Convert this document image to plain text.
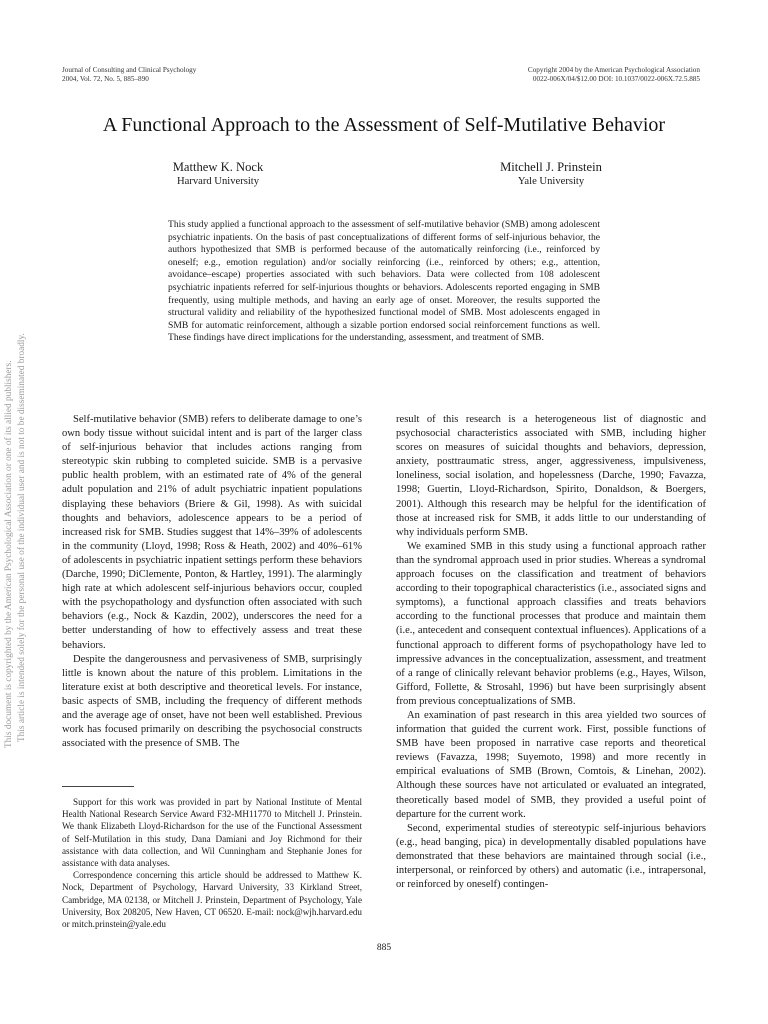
Journal of Consulting and Clinical Psychology
2004, Vol. 72, No. 5, 885–890
Copyright 2004 by the American Psychological Association
0022-006X/04/$12.00 DOI: 10.1037/0022-006X.72.5.885
A Functional Approach to the Assessment of Self-Mutilative Behavior
Matthew K. Nock
Harvard University
Mitchell J. Prinstein
Yale University
This study applied a functional approach to the assessment of self-mutilative behavior (SMB) among adolescent psychiatric inpatients. On the basis of past conceptualizations of different forms of self-injurious behavior, the authors hypothesized that SMB is performed because of the automatically reinforcing (i.e., reinforced by oneself; e.g., emotion regulation) and/or socially reinforcing (i.e., reinforced by others; e.g., attention, avoidance–escape) properties associated with such behaviors. Data were collected from 108 adolescent psychiatric inpatients referred for self-injurious thoughts or behaviors. Adolescents reported engaging in SMB frequently, using multiple methods, and having an early age of onset. Moreover, the results supported the structural validity and reliability of the hypothesized functional model of SMB. Most adolescents engaged in SMB for automatic reinforcement, although a sizable portion endorsed social reinforcement functions as well. These findings have direct implications for the understanding, assessment, and treatment of SMB.

Self-mutilative behavior (SMB) refers to deliberate damage to one’s own body tissue without suicidal intent and is part of the larger class of self-injurious behavior that includes actions ranging from stereotypic skin rubbing to completed suicide. SMB is a pervasive public health problem, with an estimated rate of 4% of the general adult population and 21% of adult psychiatric inpatient populations displaying these behaviors (Briere & Gil, 1998). As with suicidal thoughts and behaviors, adolescence appears to be a period of increased risk for SMB. Studies suggest that 14%–39% of adolescents in the community (Lloyd, 1998; Ross & Heath, 2002) and 40%–61% of adolescents in psychiatric inpatient settings perform these behaviors (Darche, 1990; DiClemente, Ponton, & Hartley, 1991). The alarmingly high rate at which adolescent self-injurious behaviors occur, coupled with the psychopathology and dysfunction often associated with such behaviors (e.g., Nock & Kazdin, 2002), underscores the need for a better understanding of how to effectively assess and treat these behaviors.

Despite the dangerousness and pervasiveness of SMB, surprisingly little is known about the nature of this problem. Limitations in the literature exist at both descriptive and theoretical levels. For instance, basic aspects of SMB, including the frequency of different methods and the average age of onset, have not been well established. Previous work has focused primarily on describing the psychosocial constructs associated with the presence of SMB. The

result of this research is a heterogeneous list of diagnostic and psychosocial characteristics associated with SMB, including higher scores on measures of suicidal thoughts and behaviors, depression, anxiety, posttraumatic stress, anger, aggressiveness, impulsiveness, loneliness, social isolation, and hopelessness (Darche, 1990; Favazza, 1998; Guertin, Lloyd-Richardson, Spirito, Donaldson, & Boergers, 2001). Although this research may be helpful for the identification of those at increased risk for SMB, it adds little to our understanding of why individuals perform SMB.

We examined SMB in this study using a functional approach rather than the syndromal approach used in prior studies. Whereas a syndromal approach focuses on the classification and treatment of behaviors according to their topographical characteristics (i.e., associated signs and symptoms), a functional approach classifies and treats behaviors according to the functional processes that produce and maintain them (i.e., antecedent and consequent contextual influences). Applications of a functional approach to different forms of psychopathology have led to impressive advances in the conceptualization, assessment, and treatment of a range of clinically relevant behavior problems (e.g., Hayes, Wilson, Gifford, Follette, & Strosahl, 1996) but have been surprisingly absent from previous conceptualizations of SMB.

An examination of past research in this area yielded two sources of information that guided the current work. First, possible functions of SMB have been proposed in narrative case reports and theoretical reviews (Favazza, 1998; Suyemoto, 1998) and more recently in empirical evaluations of SMB (Brown, Comtois, & Linehan, 2002). Although these sources have not articulated or evaluated an integrated, theoretically based model of SMB, they provided a useful point of departure for the current work.

Second, experimental studies of stereotypic self-injurious behaviors (e.g., head banging, pica) in developmentally disabled populations have demonstrated that these behaviors are maintained through social (i.e., interpersonal, or reinforced by others) and automatic (i.e., intrapersonal, or reinforced by oneself) contingen-

Support for this work was provided in part by National Institute of Mental Health National Research Service Award F32-MH11770 to Mitchell J. Prinstein. We thank Elizabeth Lloyd-Richardson for the use of the Functional Assessment of Self-Mutilation in this study, Dana Damiani and Joy Richmond for their assistance with data collection, and Wil Cunningham and Stephanie Jones for assistance with data analyses.

Correspondence concerning this article should be addressed to Matthew K. Nock, Department of Psychology, Harvard University, 33 Kirkland Street, Cambridge, MA 02138, or Mitchell J. Prinstein, Department of Psychology, Yale University, Box 208205, New Haven, CT 06520. E-mail: nock@wjh.harvard.edu or mitch.prinstein@yale.edu

885
This document is copyrighted by the American Psychological Association or one of its allied publishers. This article is intended solely for the personal use of the individual user and is not to be disseminated broadly.
